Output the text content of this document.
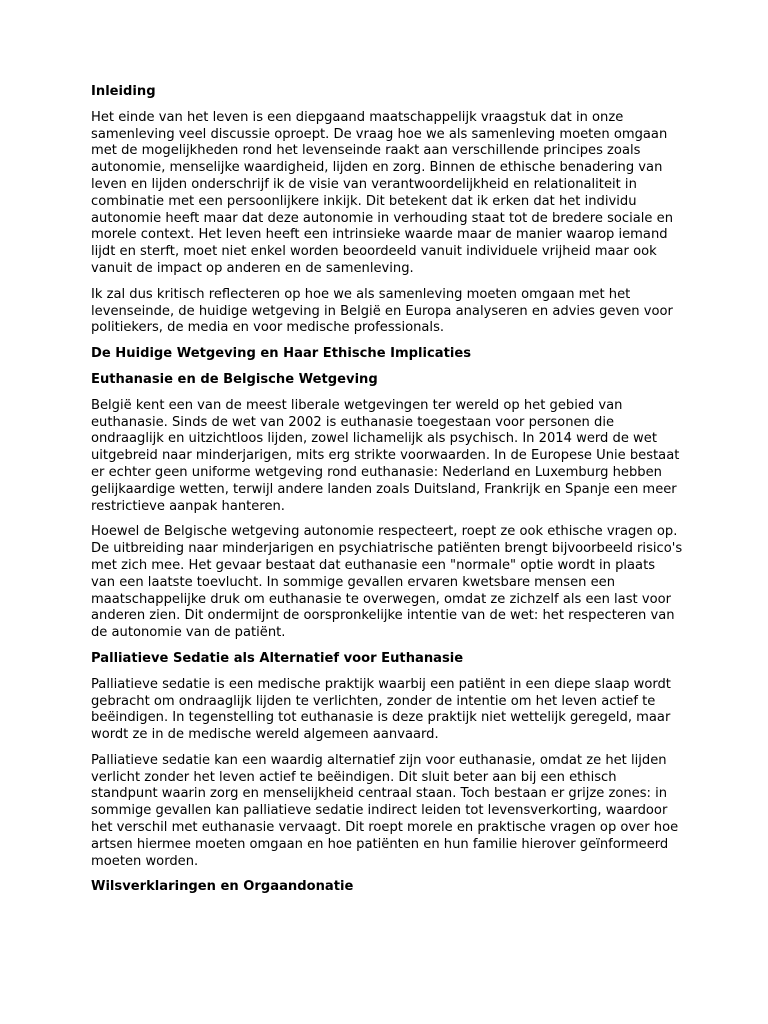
Inleiding

Het einde van het leven is een diepgaand maatschappelijk vraagstuk dat in onze samenleving veel discussie oproept. De vraag hoe we als samenleving moeten omgaan met de mogelijkheden rond het levenseinde raakt aan verschillende principes zoals autonomie, menselijke waardigheid, lijden en zorg. Binnen de ethische benadering van leven en lijden onderschrijf ik de visie van verantwoordelijkheid en relationaliteit in combinatie met een persoonlijkere inkijk. Dit betekent dat ik erken dat het individu autonomie heeft maar dat deze autonomie in verhouding staat tot de bredere sociale en morele context. Het leven heeft een intrinsieke waarde maar de manier waarop iemand lijdt en sterft, moet niet enkel worden beoordeeld vanuit individuele vrijheid maar ook vanuit de impact op anderen en de samenleving.

Ik zal dus kritisch reflecteren op hoe we als samenleving moeten omgaan met het levenseinde, de huidige wetgeving in België en Europa analyseren en advies geven voor politiekers, de media en voor medische professionals.

De Huidige Wetgeving en Haar Ethische Implicaties
Euthanasie en de Belgische Wetgeving

België kent een van de meest liberale wetgevingen ter wereld op het gebied van euthanasie. Sinds de wet van 2002 is euthanasie toegestaan voor personen die ondraaglijk en uitzichtloos lijden, zowel lichamelijk als psychisch. In 2014 werd de wet uitgebreid naar minderjarigen, mits erg strikte voorwaarden. In de Europese Unie bestaat er echter geen uniforme wetgeving rond euthanasie: Nederland en Luxemburg hebben gelijkaardige wetten, terwijl andere landen zoals Duitsland, Frankrijk en Spanje een meer restrictieve aanpak hanteren.

Hoewel de Belgische wetgeving autonomie respecteert, roept ze ook ethische vragen op. De uitbreiding naar minderjarigen en psychiatrische patiënten brengt bijvoorbeeld risico's met zich mee. Het gevaar bestaat dat euthanasie een "normale" optie wordt in plaats van een laatste toevlucht. In sommige gevallen ervaren kwetsbare mensen een maatschappelijke druk om euthanasie te overwegen, omdat ze zichzelf als een last voor anderen zien. Dit ondermijnt de oorspronkelijke intentie van de wet: het respecteren van de autonomie van de patiënt.

Palliatieve Sedatie als Alternatief voor Euthanasie

Palliatieve sedatie is een medische praktijk waarbij een patiënt in een diepe slaap wordt gebracht om ondraaglijk lijden te verlichten, zonder de intentie om het leven actief te beëindigen. In tegenstelling tot euthanasie is deze praktijk niet wettelijk geregeld, maar wordt ze in de medische wereld algemeen aanvaard.

Palliatieve sedatie kan een waardig alternatief zijn voor euthanasie, omdat ze het lijden verlicht zonder het leven actief te beëindigen. Dit sluit beter aan bij een ethisch standpunt waarin zorg en menselijkheid centraal staan. Toch bestaan er grijze zones: in sommige gevallen kan palliatieve sedatie indirect leiden tot levensverkorting, waardoor het verschil met euthanasie vervaagt. Dit roept morele en praktische vragen op over hoe artsen hiermee moeten omgaan en hoe patiënten en hun familie hierover geïnformeerd moeten worden.

Wilsverklaringen en Orgaandonatie
